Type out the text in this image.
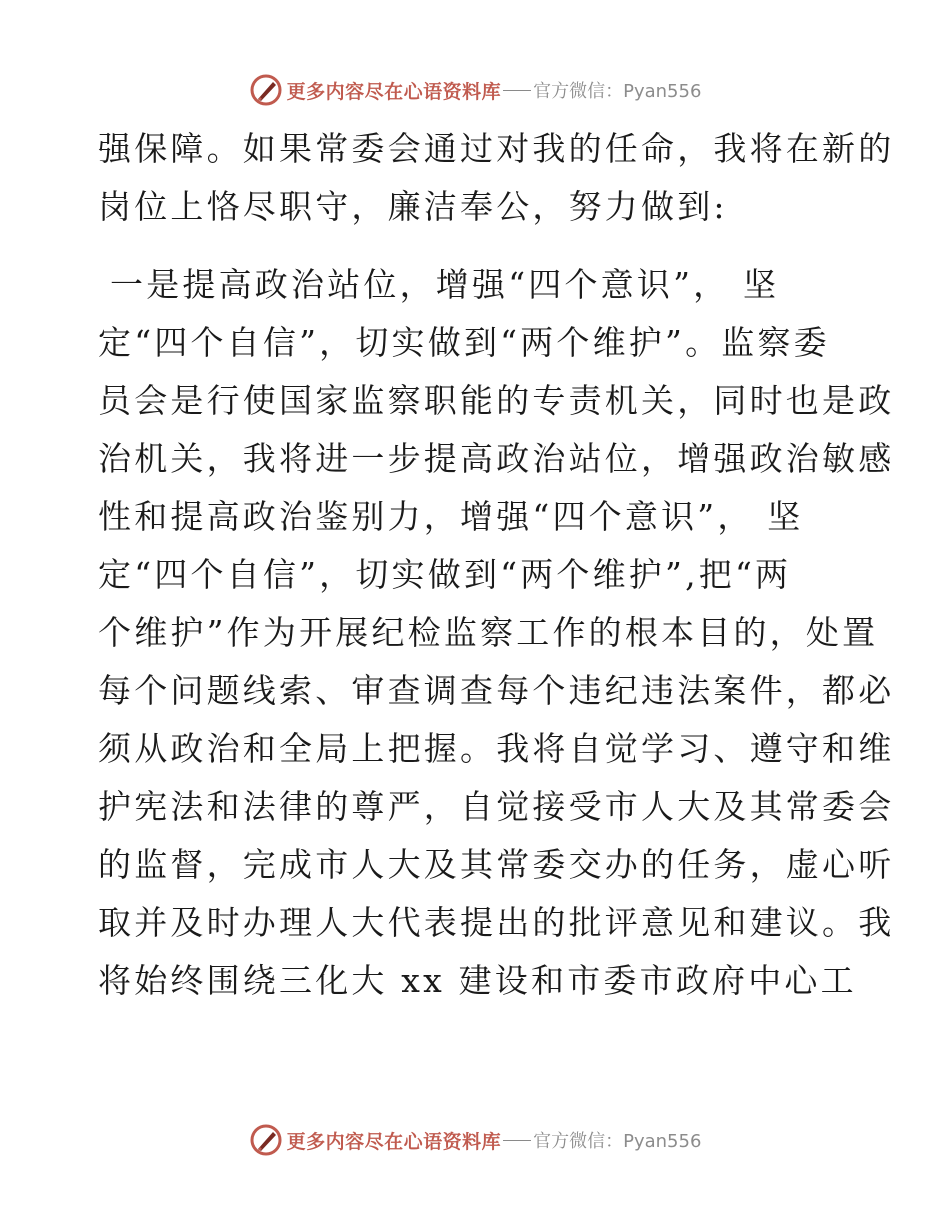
更多内容尽在心语资料库 官方微信：Pyan556
强保障。如果常委会通过对我的任命，我将在新的
岗位上恪尽职守，廉洁奉公，努力做到:
一是提高政治站位，增强“四个意识”， 坚
定“四个自信”，切实做到“两个维护”。监察委
员会是行使国家监察职能的专责机关，同时也是政
治机关，我将进一步提高政治站位，增强政治敏感
性和提高政治鉴别力，增强“四个意识”， 坚
定“四个自信”，切实做到“两个维护”,把“两
个维护”作为开展纪检监察工作的根本目的，处置
每个问题线索、审查调查每个违纪违法案件，都必
须从政治和全局上把握。我将自觉学习、遵守和维
护宪法和法律的尊严，自觉接受市人大及其常委会
的监督，完成市人大及其常委交办的任务，虚心听
取并及时办理人大代表提出的批评意见和建议。我
将始终围绕三化大 xx 建设和市委市政府中心工
更多内容尽在心语资料库 官方微信：Pyan556
